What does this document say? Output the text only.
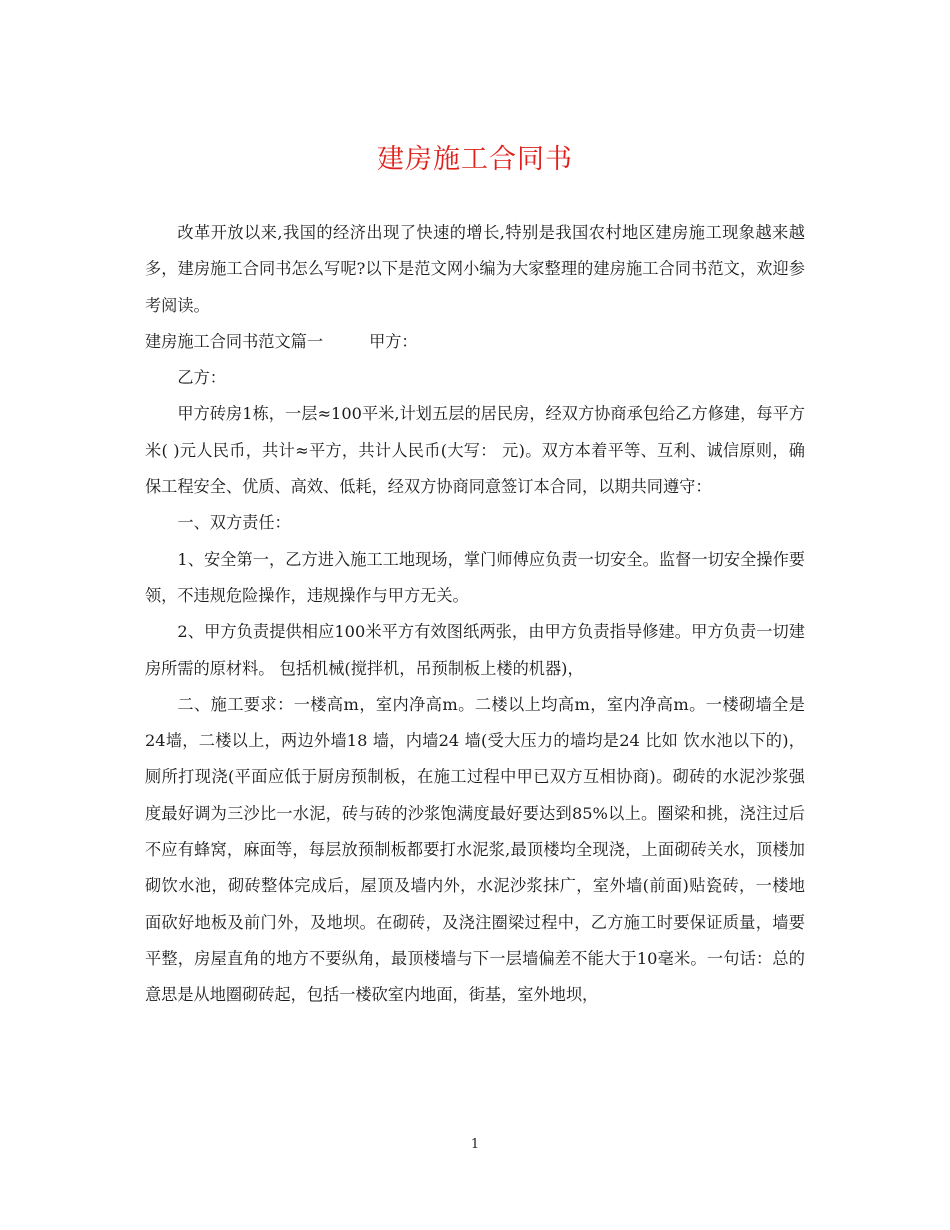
建房施工合同书

改革开放以来,我国的经济出现了快速的增长,特别是我国农村地区建房施工现象越来越多，建房施工合同书怎么写呢?以下是范文网小编为大家整理的建房施工合同书范文，欢迎参考阅读。

建房施工合同书范文篇一	甲方：

乙方：

甲方砖房1栋，一层≈100平米,计划五层的居民房，经双方协商承包给乙方修建，每平方米( )元人民币，共计≈平方，共计人民币(大写： 元)。双方本着平等、互利、诚信原则，确保工程安全、优质、高效、低耗，经双方协商同意签订本合同，以期共同遵守：

一、双方责任：

1、安全第一，乙方进入施工工地现场，掌门师傅应负责一切安全。监督一切安全操作要领，不违规危险操作，违规操作与甲方无关。

2、甲方负责提供相应100米平方有效图纸两张，由甲方负责指导修建。甲方负责一切建房所需的原材料。 包括机械(搅拌机，吊预制板上楼的机器)，

二、施工要求：一楼高m，室内净高m。二楼以上均高m，室内净高m。一楼砌墙全是24墙，二楼以上，两边外墙18 墙，内墙24 墙(受大压力的墙均是24 比如 饮水池以下的)，厕所打现浇(平面应低于厨房预制板，在施工过程中甲已双方互相协商)。砌砖的水泥沙浆强度最好调为三沙比一水泥，砖与砖的沙浆饱满度最好要达到85%以上。圈梁和挑，浇注过后不应有蜂窝，麻面等，每层放预制板都要打水泥浆,最顶楼均全现浇，上面砌砖关水，顶楼加砌饮水池，砌砖整体完成后，屋顶及墙内外，水泥沙浆抹广，室外墙(前面)贴瓷砖，一楼地面砍好地板及前门外，及地坝。在砌砖，及浇注圈梁过程中，乙方施工时要保证质量，墙要平整，房屋直角的地方不要纵角，最顶楼墙与下一层墙偏差不能大于10毫米。一句话：总的意思是从地圈砌砖起，包括一楼砍室内地面，街基，室外地坝，

1
